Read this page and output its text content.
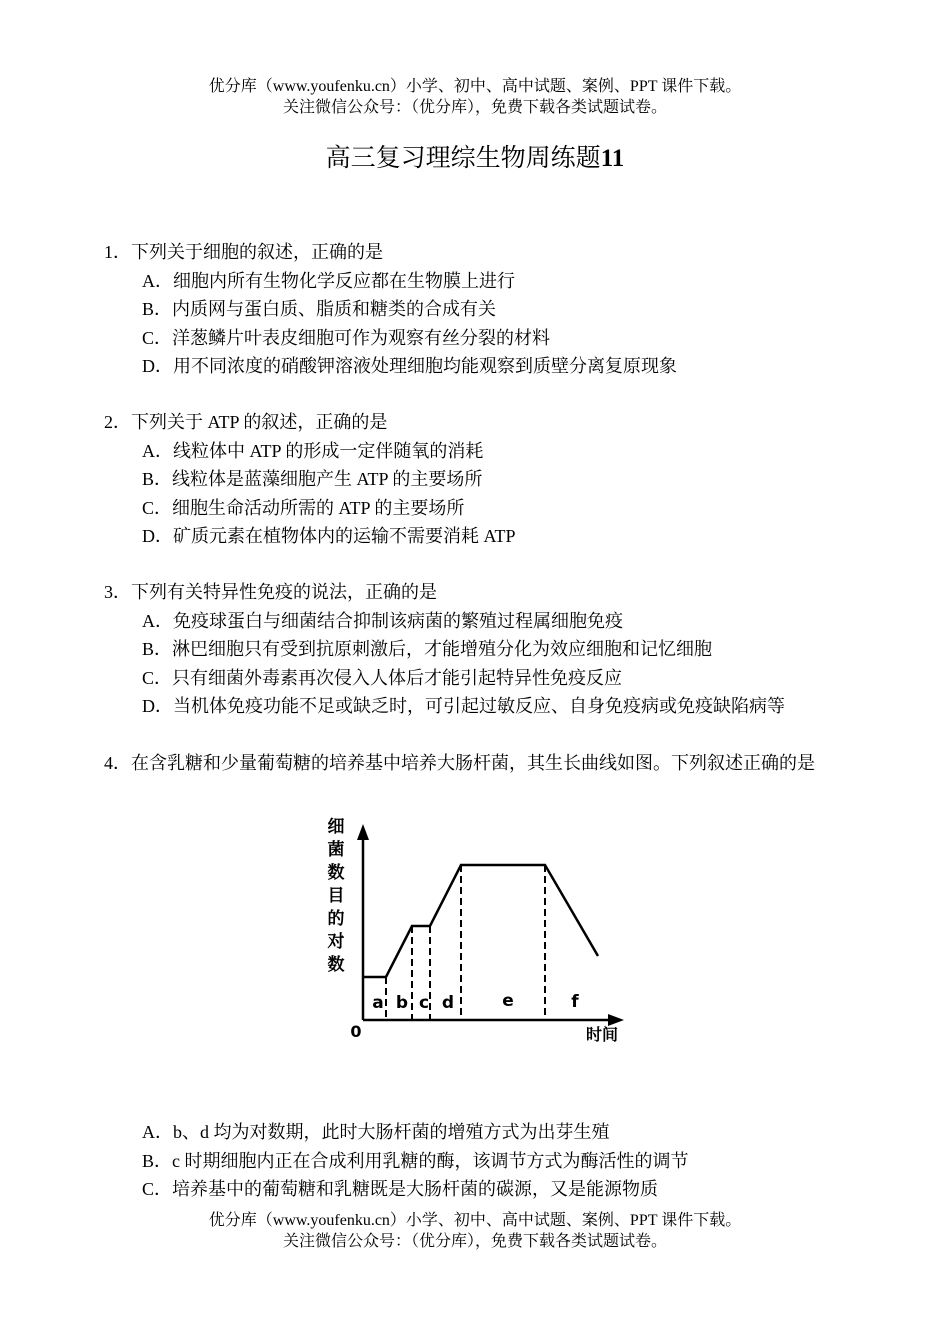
优分库（www.youfenku.cn）小学、初中、高中试题、案例、PPT 课件下载。
关注微信公众号：（优分库），免费下载各类试题试卷。
高三复习理综生物周练题11

1．下列关于细胞的叙述，正确的是

A．细胞内所有生物化学反应都在生物膜上进行

B．内质网与蛋白质、脂质和糖类的合成有关

C．洋葱鳞片叶表皮细胞可作为观察有丝分裂的材料

D．用不同浓度的硝酸钾溶液处理细胞均能观察到质壁分离复原现象

2．下列关于 ATP 的叙述，正确的是

A．线粒体中 ATP 的形成一定伴随氧的消耗

B．线粒体是蓝藻细胞产生 ATP 的主要场所

C．细胞生命活动所需的 ATP 的主要场所

D．矿质元素在植物体内的运输不需要消耗 ATP

3．下列有关特异性免疫的说法，正确的是

A．免疫球蛋白与细菌结合抑制该病菌的繁殖过程属细胞免疫

B．淋巴细胞只有受到抗原刺激后，才能增殖分化为效应细胞和记忆细胞

C．只有细菌外毒素再次侵入人体后才能引起特异性免疫反应

D．当机体免疫功能不足或缺乏时，可引起过敏反应、自身免疫病或免疫缺陷病等

4．在含乳糖和少量葡萄糖的培养基中培养大肠杆菌，其生长曲线如图。下列叙述正确的是

细
菌
数
目
的
对
数
0	时间
a b c d	e	f

A．b、d 均为对数期，此时大肠杆菌的增殖方式为出芽生殖

B．c 时期细胞内正在合成利用乳糖的酶，该调节方式为酶活性的调节

C．培养基中的葡萄糖和乳糖既是大肠杆菌的碳源，又是能源物质

优分库（www.youfenku.cn）小学、初中、高中试题、案例、PPT 课件下载。
关注微信公众号：（优分库），免费下载各类试题试卷。
